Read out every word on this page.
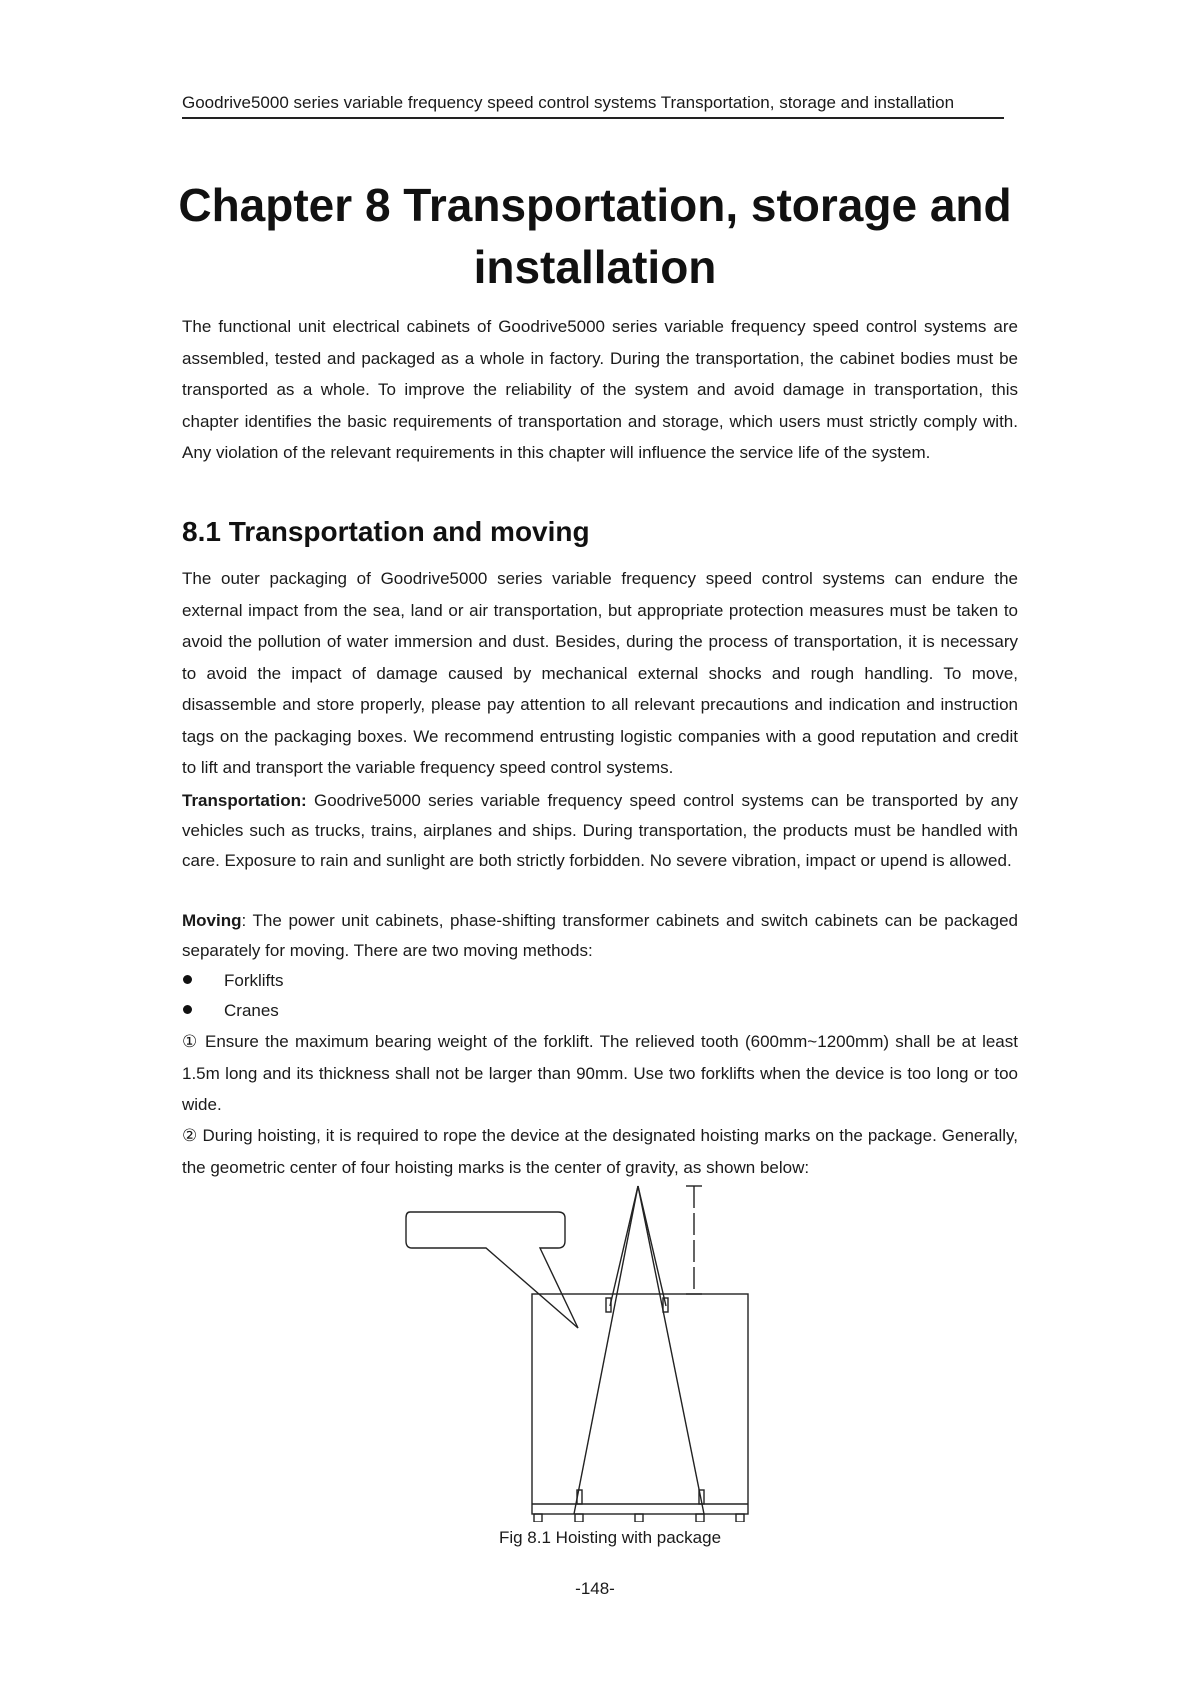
Goodrive5000 series variable frequency speed control systems Transportation, storage and installation
Chapter 8 Transportation, storage and installation

The functional unit electrical cabinets of Goodrive5000 series variable frequency speed control systems are assembled, tested and packaged as a whole in factory. During the transportation, the cabinet bodies must be transported as a whole. To improve the reliability of the system and avoid damage in transportation, this chapter identifies the basic requirements of transportation and storage, which users must strictly comply with. Any violation of the relevant requirements in this chapter will influence the service life of the system.

8.1 Transportation and moving

The outer packaging of Goodrive5000 series variable frequency speed control systems can endure the external impact from the sea, land or air transportation, but appropriate protection measures must be taken to avoid the pollution of water immersion and dust. Besides, during the process of transportation, it is necessary to avoid the impact of damage caused by mechanical external shocks and rough handling. To move, disassemble and store properly, please pay attention to all relevant precautions and indication and instruction tags on the packaging boxes. We recommend entrusting logistic companies with a good reputation and credit to lift and transport the variable frequency speed control systems.

Transportation: Goodrive5000 series variable frequency speed control systems can be transported by any vehicles such as trucks, trains, airplanes and ships. During transportation, the products must be handled with care. Exposure to rain and sunlight are both strictly forbidden. No severe vibration, impact or upend is allowed.

Moving: The power unit cabinets, phase-shifting transformer cabinets and switch cabinets can be packaged separately for moving. There are two moving methods:

Forklifts
Cranes

① Ensure the maximum bearing weight of the forklift. The relieved tooth (600mm~1200mm) shall be at least 1.5m long and its thickness shall not be larger than 90mm. Use two forklifts when the device is too long or too wide.

② During hoisting, it is required to rope the device at the designated hoisting marks on the package. Generally, the geometric center of four hoisting marks is the center of gravity, as shown below:

Fig 8.1 Hoisting with package
-148-
